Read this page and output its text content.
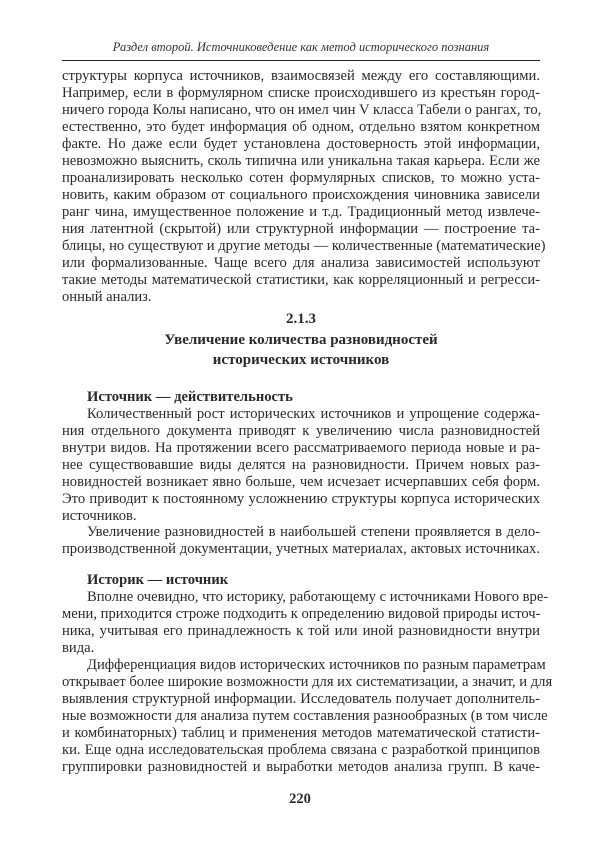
Раздел второй. Источниковедение как метод исторического познания
структуры корпуса источников, взаимосвязей между его составляющими.
Например, если в формулярном списке происходившего из крестьян город-
ничего города Колы написано, что он имел чин V класса Табели о рангах, то,
естественно, это будет информация об одном, отдельно взятом конкретном
факте. Но даже если будет установлена достоверность этой информации,
невозможно выяснить, сколь типична или уникальна такая карьера. Если же
проанализировать несколько сотен формулярных списков, то можно уста-
новить, каким образом от социального происхождения чиновника зависели
ранг чина, имущественное положение и т.д. Традиционный метод извлече-
ния латентной (скрытой) или структурной информации — построение та-
блицы, но существуют и другие методы — количественные (математические)
или формализованные. Чаще всего для анализа зависимостей используют
такие методы математической статистики, как корреляционный и регресси-
онный анализ.
2.1.3
Увеличение количества разновидностей
исторических источников
Источник — действительность
Количественный рост исторических источников и упрощение содержа-
ния отдельного документа приводят к увеличению числа разновидностей
внутри видов. На протяжении всего рассматриваемого периода новые и ра-
нее существовавшие виды делятся на разновидности. Причем новых раз-
новидностей возникает явно больше, чем исчезает исчерпавших себя форм.
Это приводит к постоянному усложнению структуры корпуса исторических
источников.
Увеличение разновидностей в наибольшей степени проявляется в дело-
производственной документации, учетных материалах, актовых источниках.
Историк — источник
Вполне очевидно, что историку, работающему с источниками Нового вре-
мени, приходится строже подходить к определению видовой природы источ-
ника, учитывая его принадлежность к той или иной разновидности внутри
вида.
Дифференциация видов исторических источников по разным параметрам
открывает более широкие возможности для их систематизации, а значит, и для
выявления структурной информации. Исследователь получает дополнитель-
ные возможности для анализа путем составления разнообразных (в том числе
и комбинаторных) таблиц и применения методов математической статисти-
ки. Еще одна исследовательская проблема связана с разработкой принципов
группировки разновидностей и выработки методов анализа групп. В каче-
220
